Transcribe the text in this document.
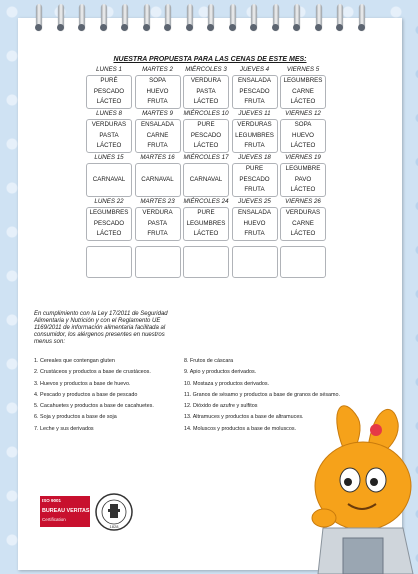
NUESTRA PROPUESTA PARA LAS CENAS DE ESTE MES:
LUNES 1
PURÉ
PESCADO
LÁCTEO
MARTES 2
SOPA
HUEVO
FRUTA
MIÉRCOLES 3
VERDURA
PASTA
LÁCTEO
JUEVES 4
ENSALADA
PESCADO
FRUTA
VIERNES 5
LEGUMBRES
CARNE
LÁCTEO
LUNES 8
VERDURAS
PASTA
LÁCTEO
MARTES 9
ENSALADA
CARNE
FRUTA
MIÉRCOLES 10
PURE
PESCADO
LÁCTEO
JUEVES 11
VERDURAS
LEGUMBRES
FRUTA
VIERNES 12
SOPA
HUEVO
LÁCTEO
LUNES 15
CARNAVAL
MARTES 16
CARNAVAL
MIÉRCOLES 17
CARNAVAL
JUEVES 18
PURE
PESCADO
FRUTA
VIERNES 19
LEGUMBRE
PAVO
LÁCTEO
LUNES 22
LEGUMBRES
PESCADO
LÁCTEO
MARTES 23
VERDURA
PASTA
FRUTA
MIÉRCOLES 24
PURE
LEGUMBRES
LÁCTEO
JUEVES 25
ENSALADA
HUEVO
FRUTA
VIERNES 26
VERDURAS
CARNE
LÁCTEO
En cumplimiento con la Ley 17/2011 de Seguridad Alimentaria y Nutrición y con el Reglamento UE 1169/2011 de información alimentaria facilitada al consumidor, los alérgenos presentes en nuestros menus son:
1. Cereales que contengan gluten
2. Crustáceos y productos a base de crustáceos.
3. Huevos y productos a base de huevo.
4. Pescado y productos a base de pescado
5. Cacahuetes y productos a base de cacahuetes.
6. Soja y productos a base de soja
7. Leche y sus derivados
8. Frutos de cáscara
9. Apio y productos derivados.
10. Mostaza y productos derivados.
11. Granos de sésamo y productos a base de granos de sésamo.
12. Dióxido de azufre y sulfitos
13. Altramuces y productos a base de altramuces.
14. Moluscos y productos a base de moluscos.
ISO 9001
BUREAU VERITAS
Certification
1828
